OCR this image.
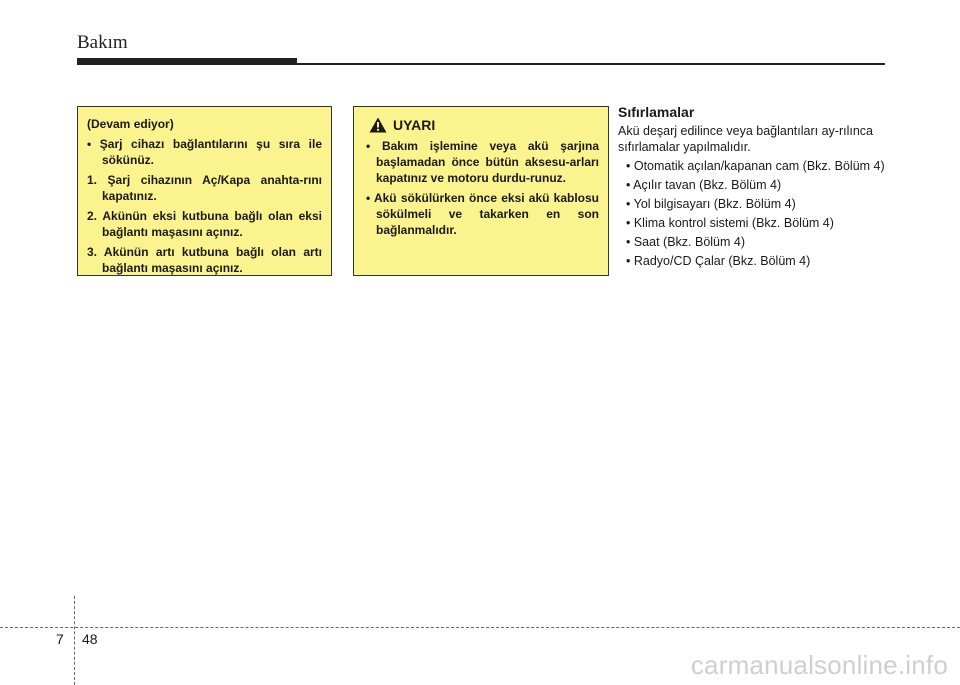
Bakım

(Devam ediyor)

• Şarj cihazı bağlantılarını şu sıra ile sökünüz.

1. Şarj cihazının Aç/Kapa anahta-rını kapatınız.

2. Akünün eksi kutbuna bağlı olan eksi bağlantı maşasını açınız.

3. Akünün artı kutbuna bağlı olan artı bağlantı maşasını açınız.

UYARI

• Bakım işlemine veya akü şarjına başlamadan önce bütün aksesu-arları kapatınız ve motoru durdu-runuz.

• Akü sökülürken önce eksi akü kablosu sökülmeli ve takarken en son bağlanmalıdır.

Sıfırlamalar

Akü deşarj edilince veya bağlantıları ay-rılınca sıfırlamalar yapılmalıdır.

• Otomatik açılan/kapanan cam (Bkz. Bölüm 4)
• Açılır tavan (Bkz. Bölüm 4)
• Yol bilgisayarı (Bkz. Bölüm 4)
• Klima kontrol sistemi (Bkz. Bölüm 4)
• Saat (Bkz. Bölüm 4)
• Radyo/CD Çalar (Bkz. Bölüm 4)
7 48
carmanualsonline.info
